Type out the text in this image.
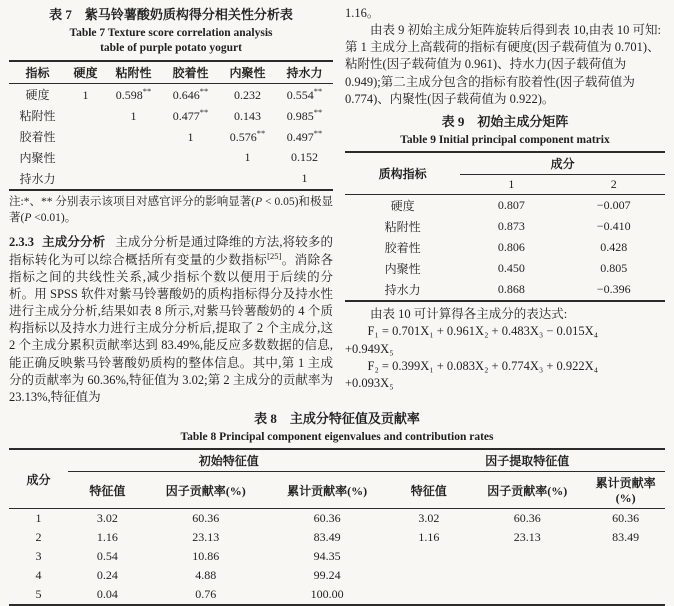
表 7　紫马铃薯酸奶质构得分相关性分析表
Table 7 Texture score correlation analysis
table of purple potato yogurt
指标	硬度	粘附性	胶着性	内聚性	持水力
硬度	1	0.598**	0.646**	0.232	0.554**
粘附性		1	0.477**	0.143	0.985**
胶着性			1	0.576**	0.497**
内聚性				1	0.152
持水力					1
注:*、** 分别表示该项目对感官评分的影响显著(P < 0.05)和极显著(P <0.01)。
2.3.3 主成分分析 主成分分析是通过降维的方法,将较多的指标转化为可以综合概括所有变量的少数指标[25]。消除各指标之间的共线性关系,减少指标个数以便用于后续的分析。用 SPSS 软件对紫马铃薯酸奶的质构指标得分及持水性进行主成分分析,结果如表 8 所示,对紫马铃薯酸奶的 4 个质构指标以及持水力进行主成分分析后,提取了 2 个主成分,这 2 个主成分累积贡献率达到 83.49%,能反应多数数据的信息,能正确反映紫马铃薯酸奶质构的整体信息。其中,第 1 主成分的贡献率为 60.36%,特征值为 3.02;第 2 主成分的贡献率为 23.13%,特征值为
1.16。
由表 9 初始主成分矩阵旋转后得到表 10,由表 10 可知:第 1 主成分上高载荷的指标有硬度(因子载荷值为 0.701)、粘附性(因子载荷值为 0.961)、持水力(因子载荷值为 0.949);第二主成分包含的指标有胶着性(因子载荷值为 0.774)、内聚性(因子载荷值为 0.922)。
表 9　初始主成分矩阵
Table 9 Initial principal component matrix
质构指标	成分	
	1	2
硬度	0.807	−0.007
粘附性	0.873	−0.410
胶着性	0.806	0.428
内聚性	0.450	0.805
持水力	0.868	−0.396
由表 10 可计算得各主成分的表达式:
F₁ = 0.701X₁ + 0.961X₂ + 0.483X₃ − 0.015X₄
+0.949X₅
F₂ = 0.399X₁ + 0.083X₂ + 0.774X₃ + 0.922X₄
+0.093X₅
表 8　主成分特征值及贡献率
Table 8 Principal component eigenvalues and contribution rates
成分	初始特征值			因子提取特征值		
	特征值	因子贡献率(%)	累计贡献率(%)	特征值	因子贡献率(%)	累计贡献率(%)
1	3.02	60.36	60.36	3.02	60.36	60.36
2	1.16	23.13	83.49	1.16	23.13	83.49
3	0.54	10.86	94.35			
4	0.24	4.88	99.24			
5	0.04	0.76	100.00			
